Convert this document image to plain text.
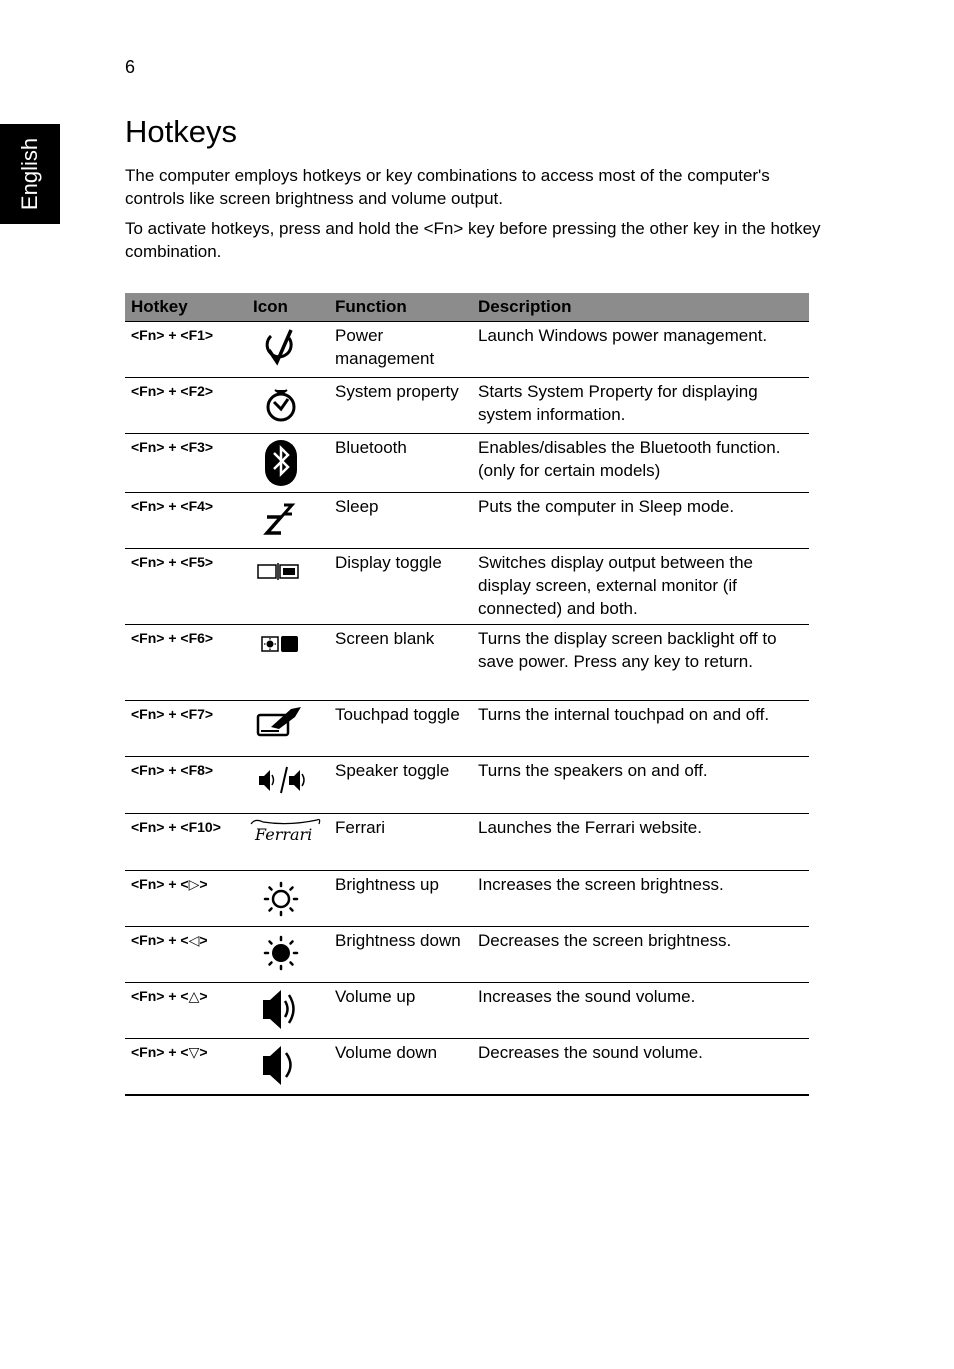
6
English
Hotkeys

The computer employs hotkeys or key combinations to access most of the computer's controls like screen brightness and volume output.

To activate hotkeys, press and hold the <Fn> key before pressing the other key in the hotkey combination.

Hotkey	Icon	Function	Description
<Fn> + <F1>		Power management	Launch Windows power management.
<Fn> + <F2>		System property	Starts System Property for displaying system information.
<Fn> + <F3>		Bluetooth	Enables/disables the Bluetooth function. (only for certain models)
<Fn> + <F4>		Sleep	Puts the computer in Sleep mode.
<Fn> + <F5>		Display toggle	Switches display output between the display screen, external monitor (if connected) and both.
<Fn> + <F6>		Screen blank	Turns the display screen backlight off to save power. Press any key to return.
<Fn> + <F7>		Touchpad toggle	Turns the internal touchpad on and off.
<Fn> + <F8>		Speaker toggle	Turns the speakers on and off.
<Fn> + <F10>	Ferrari	Ferrari	Launches the Ferrari website.
<Fn> + <▷>		Brightness up	Increases the screen brightness.
<Fn> + <◁>		Brightness down	Decreases the screen brightness.
<Fn> + <△>		Volume up	Increases the sound volume.
<Fn> + <▽>		Volume down	Decreases the sound volume.
